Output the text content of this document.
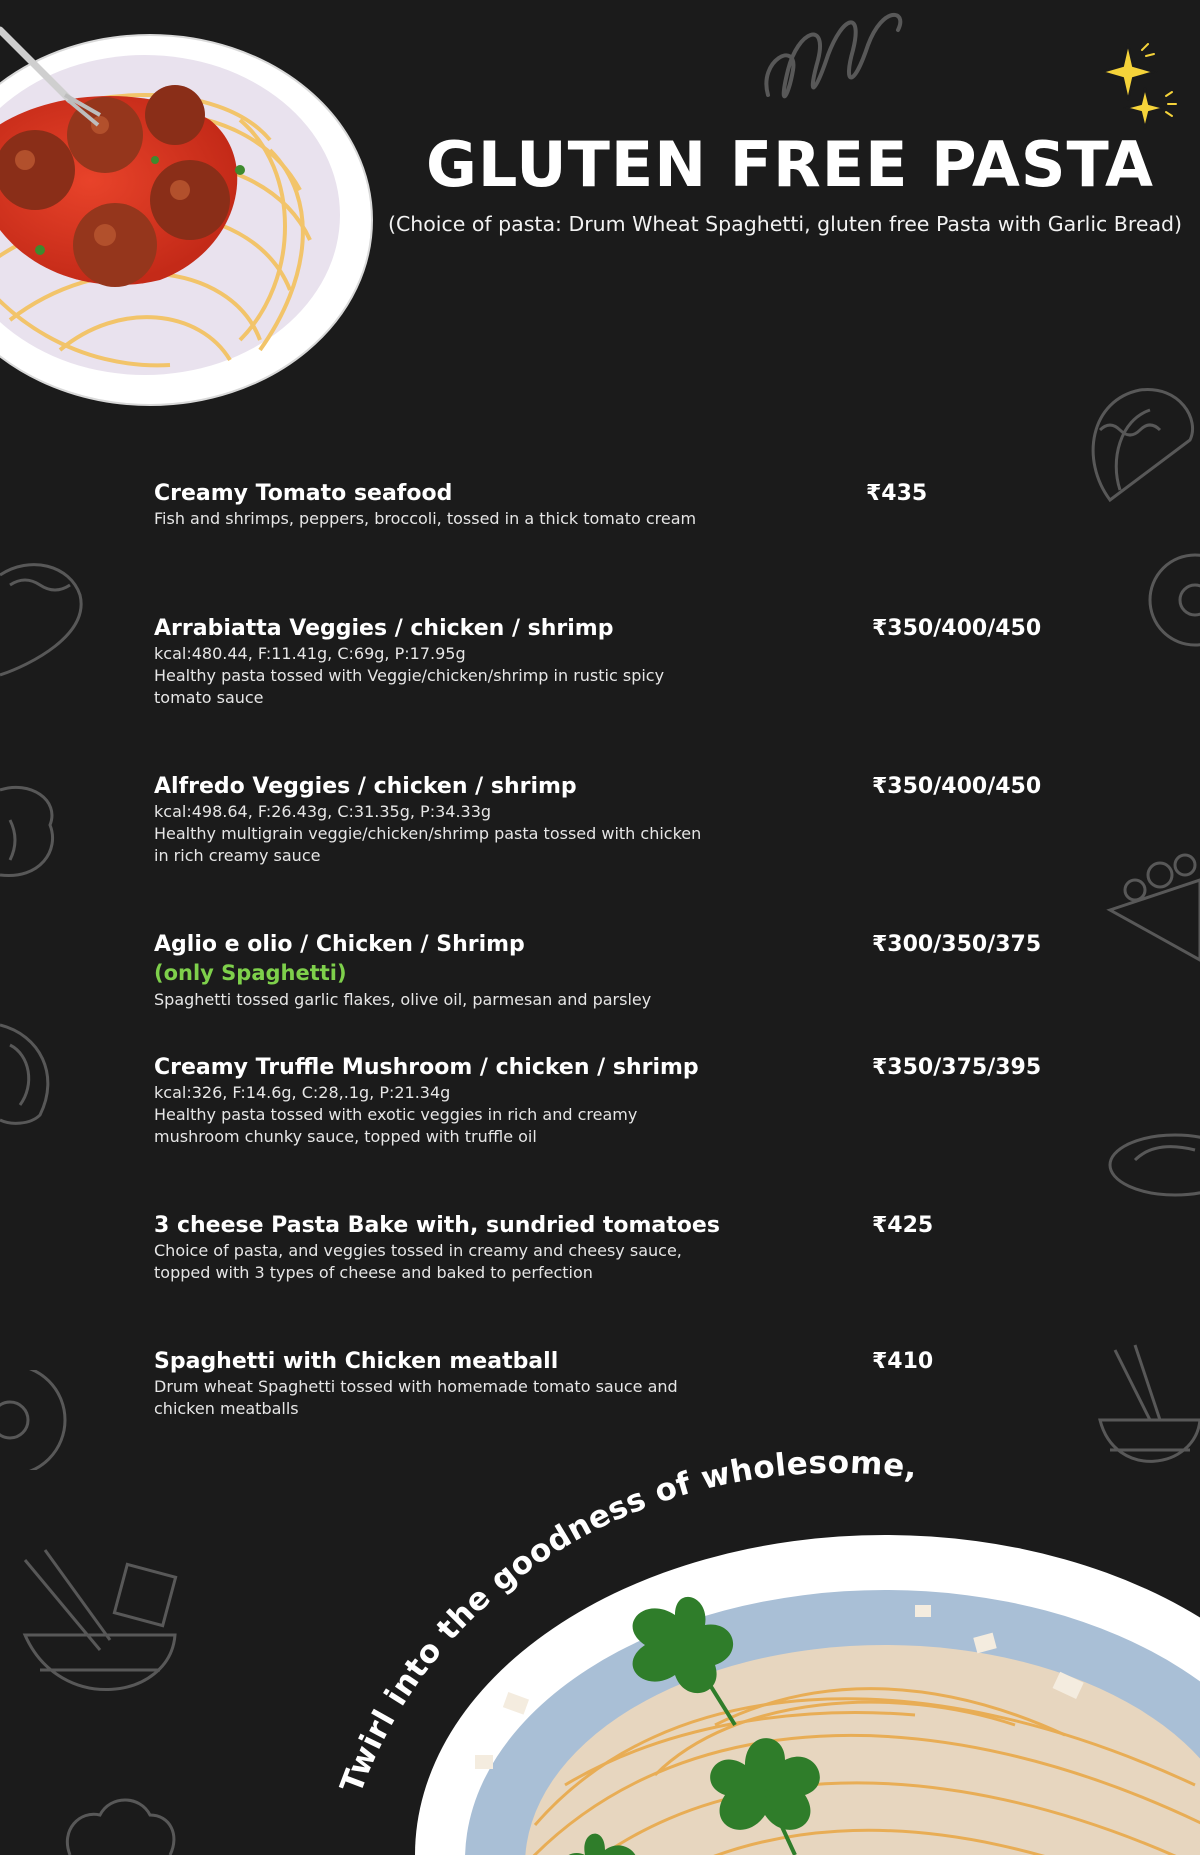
GLUTEN FREE PASTA

(Choice of pasta: Drum Wheat Spaghetti, gluten free Pasta with Garlic Bread)

Creamy Tomato seafood
Fish and shrimps, peppers, broccoli, tossed in a thick tomato cream
₹435
Arrabiatta Veggies / chicken / shrimp
kcal:480.44, F:11.41g, C:69g, P:17.95g
Healthy pasta tossed with Veggie/chicken/shrimp in rustic spicy tomato sauce
₹350/400/450
Alfredo Veggies / chicken / shrimp
kcal:498.64, F:26.43g, C:31.35g, P:34.33g
Healthy multigrain veggie/chicken/shrimp pasta tossed with chicken in rich creamy sauce
₹350/400/450
Aglio e olio / Chicken / Shrimp
(only Spaghetti)
Spaghetti tossed garlic flakes, olive oil, parmesan and parsley
₹300/350/375
Creamy Truffle Mushroom / chicken / shrimp
kcal:326, F:14.6g, C:28,.1g, P:21.34g
Healthy pasta tossed with exotic veggies in rich and creamy mushroom chunky sauce, topped with truffle oil
₹350/375/395
3 cheese Pasta Bake with, sundried tomatoes
Choice of pasta, and veggies tossed in creamy and cheesy sauce, topped with 3 types of cheese and baked to perfection
₹425
Spaghetti with Chicken meatball
Drum wheat Spaghetti tossed with homemade tomato sauce and chicken meatballs
₹410
Twirl into the goodness of wholesome,
